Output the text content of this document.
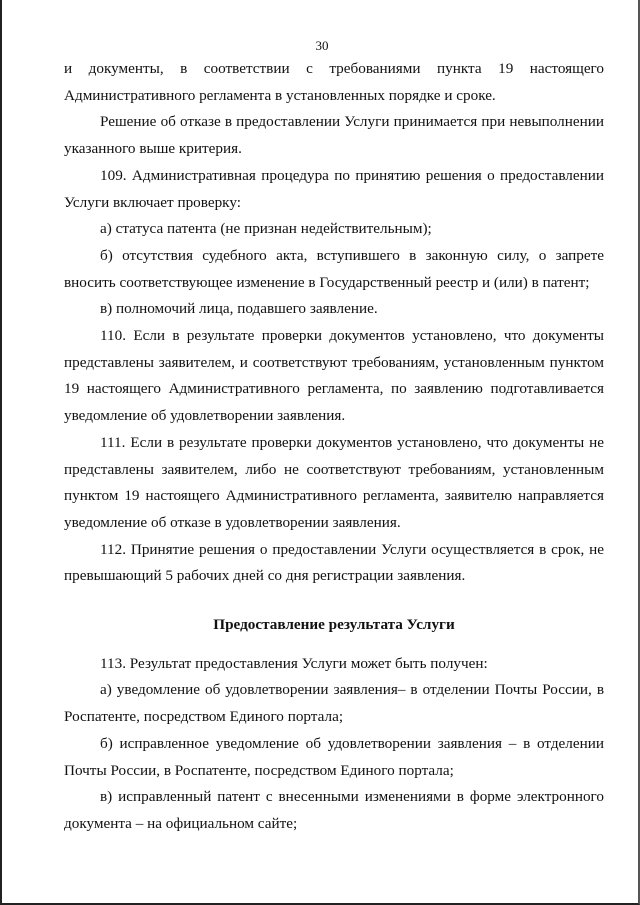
30

и документы, в соответствии с требованиями пункта 19 настоящего Административного регламента в установленных порядке и сроке.

Решение об отказе в предоставлении Услуги принимается при невыполнении указанного выше критерия.

109. Административная процедура по принятию решения о предоставлении Услуги включает проверку:

а) статуса патента (не признан недействительным);

б) отсутствия судебного акта, вступившего в законную силу, о запрете вносить соответствующее изменение в Государственный реестр и (или) в патент;

в) полномочий лица, подавшего заявление.

110. Если в результате проверки документов установлено, что документы представлены заявителем, и соответствуют требованиям, установленным пунктом 19 настоящего Административного регламента, по заявлению подготавливается уведомление об удовлетворении заявления.

111. Если в результате проверки документов установлено, что документы не представлены заявителем, либо не соответствуют требованиям, установленным пунктом 19 настоящего Административного регламента, заявителю направляется уведомление об отказе в удовлетворении заявления.

112. Принятие решения о предоставлении Услуги осуществляется в срок, не превышающий 5 рабочих дней со дня регистрации заявления.

Предоставление результата Услуги

113. Результат предоставления Услуги может быть получен:

а) уведомление об удовлетворении заявления– в отделении Почты России, в Роспатенте, посредством Единого портала;

б) исправленное уведомление об удовлетворении заявления – в отделении Почты России, в Роспатенте, посредством Единого портала;

в) исправленный патент с внесенными изменениями в форме электронного документа – на официальном сайте;
